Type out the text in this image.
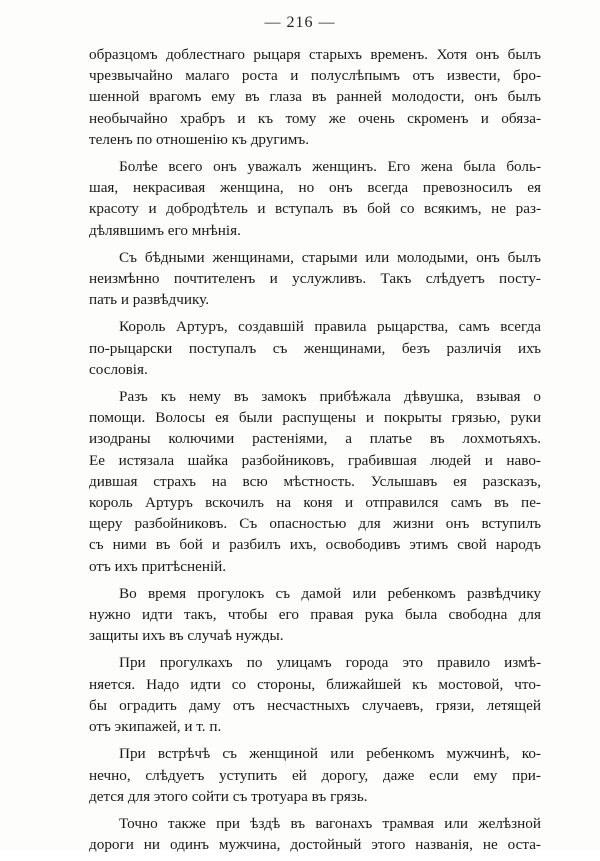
— 216 —
образцомъ доблестнаго рыцаря старыхъ временъ. Хотя онъ былъ
чрезвычайно малаго роста и полуслѣпымъ отъ извести, бро-
шенной врагомъ ему въ глаза въ ранней молодости, онъ былъ
необычайно храбръ и къ тому же очень скроменъ и обяза-
теленъ по отношенію къ другимъ.
Болѣе всего онъ уважалъ женщинъ. Его жена была боль-
шая, некрасивая женщина, но онъ всегда превозносилъ ея
красоту и добродѣтель и вступалъ въ бой со всякимъ, не раз-
дѣлявшимъ его мнѣнія.
Съ бѣдными женщинами, старыми или молодыми, онъ былъ
неизмѣнно почтителенъ и услужливъ. Такъ слѣдуетъ посту-
пать и развѣдчику.
Король Артуръ, создавшій правила рыцарства, самъ всегда
по-рыцарски поступалъ съ женщинами, безъ различія ихъ
сословія.
Разъ къ нему въ замокъ прибѣжала дѣвушка, взывая о
помощи. Волосы ея были распущены и покрыты грязью, руки
изодраны колючими растеніями, а платье въ лохмотьяхъ.
Ее истязала шайка разбойниковъ, грабившая людей и наво-
дившая страхъ на всю мѣстность. Услышавъ ея разсказъ,
король Артуръ вскочилъ на коня и отправился самъ въ пе-
щеру разбойниковъ. Съ опасностью для жизни онъ вступилъ
съ ними въ бой и разбилъ ихъ, освободивъ этимъ свой народъ
отъ ихъ притѣсненій.
Во время прогулокъ съ дамой или ребенкомъ развѣдчику
нужно идти такъ, чтобы его правая рука была свободна для
защиты ихъ въ случаѣ нужды.
При прогулкахъ по улицамъ города это правило измѣ-
няется. Надо идти со стороны, ближайшей къ мостовой, что-
бы оградить даму отъ несчастныхъ случаевъ, грязи, летящей
отъ экипажей, и т. п.
При встрѣчѣ съ женщиной или ребенкомъ мужчинѣ, ко-
нечно, слѣдуетъ уступить ей дорогу, даже если ему при-
дется для этого сойти съ тротуара въ грязь.
Точно также при ѣздѣ въ вагонахъ трамвая или желѣзной
дороги ни одинъ мужчина, достойный этого названія, не оста-
